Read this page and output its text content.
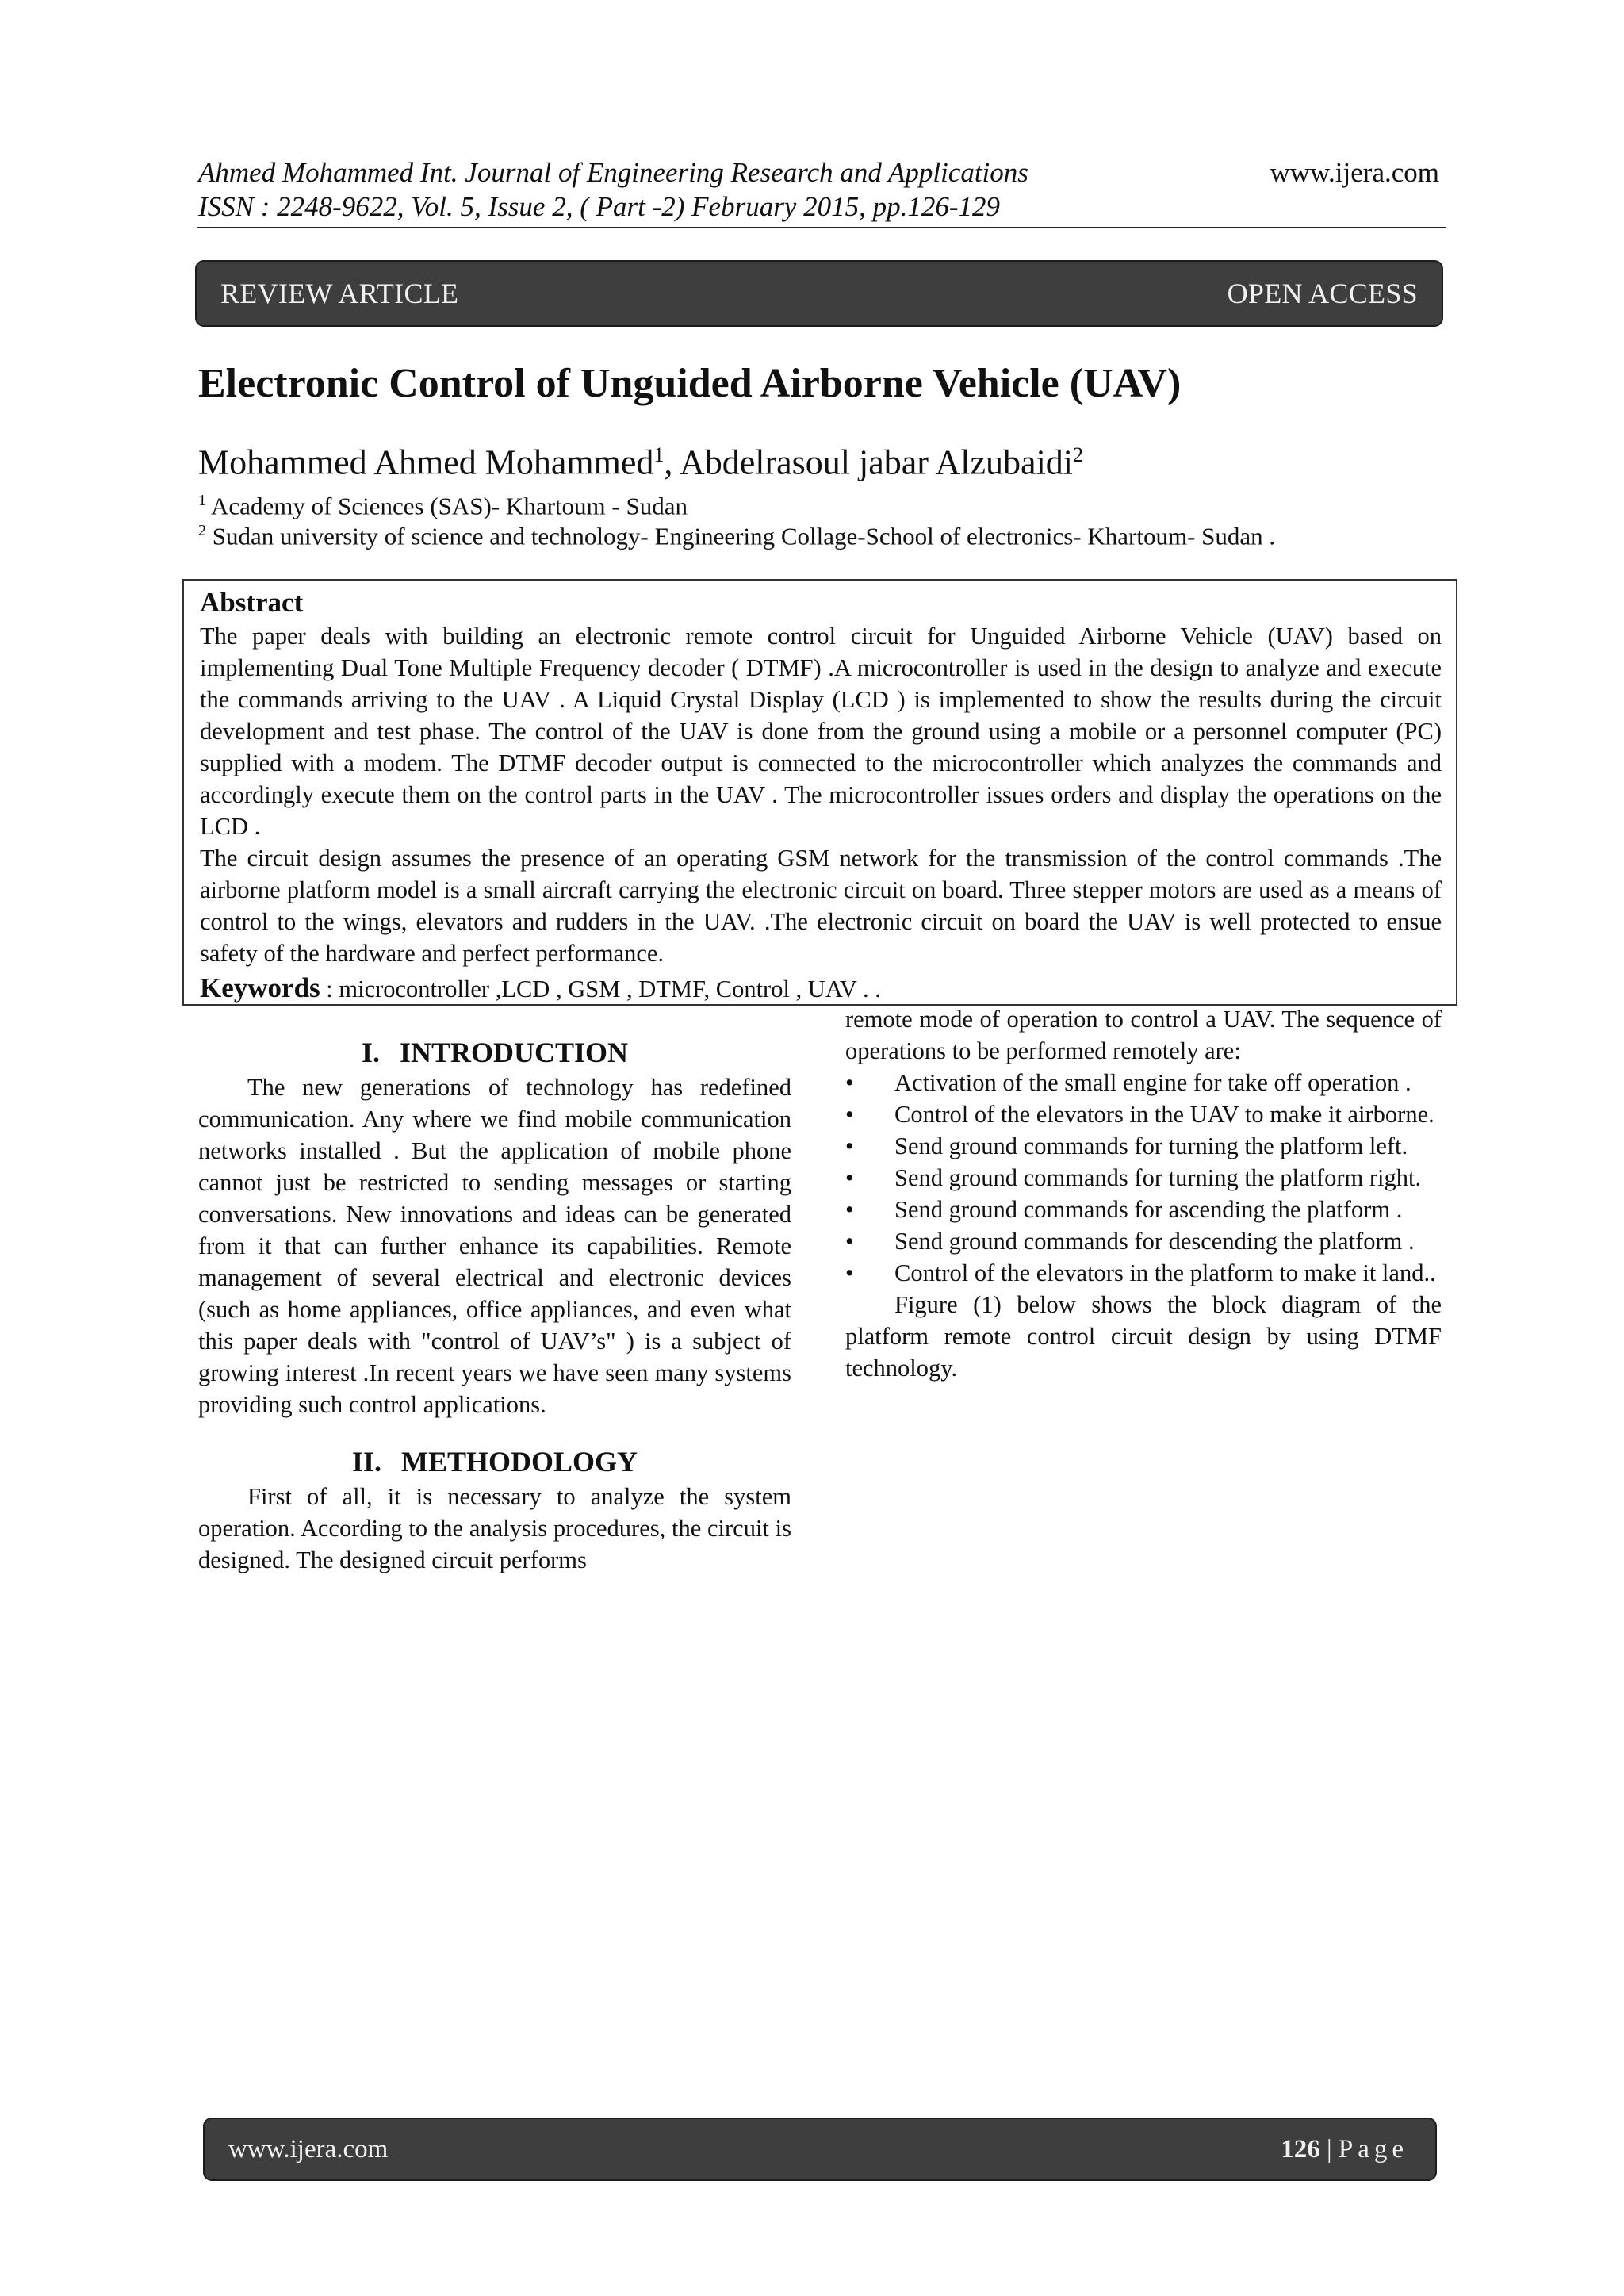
Ahmed Mohammed Int. Journal of Engineering Research and Applications
ISSN : 2248-9622, Vol. 5, Issue 2, ( Part -2) February 2015, pp.126-129
www.ijera.com
REVIEW ARTICLE	OPEN ACCESS
Electronic Control of Unguided Airborne Vehicle (UAV)
Mohammed Ahmed Mohammed$^1$, Abdelrasoul jabar Alzubaidi$^2$
$^1$ Academy of Sciences (SAS)- Khartoum - Sudan
$^2$ Sudan university of science and technology- Engineering Collage-School of electronics- Khartoum- Sudan .
Abstract

The paper deals with building an electronic remote control circuit for Unguided Airborne Vehicle (UAV) based on implementing Dual Tone Multiple Frequency decoder ( DTMF) .A microcontroller is used in the design to analyze and execute the commands arriving to the UAV . A Liquid Crystal Display (LCD ) is implemented to show the results during the circuit development and test phase. The control of the UAV is done from the ground using a mobile or a personnel computer (PC) supplied with a modem. The DTMF decoder output is connected to the microcontroller which analyzes the commands and accordingly execute them on the control parts in the UAV . The microcontroller issues orders and display the operations on the LCD .

The circuit design assumes the presence of an operating GSM network for the transmission of the control commands .The airborne platform model is a small aircraft carrying the electronic circuit on board. Three stepper motors are used as a means of control to the wings, elevators and rudders in the UAV. .The electronic circuit on board the UAV is well protected to ensue safety of the hardware and perfect performance.

Keywords : microcontroller ,LCD , GSM , DTMF, Control , UAV . .
I. INTRODUCTION

The new generations of technology has redefined communication. Any where we find mobile communication networks installed . But the application of mobile phone cannot just be restricted to sending messages or starting conversations. New innovations and ideas can be generated from it that can further enhance its capabilities. Remote management of several electrical and electronic devices (such as home appliances, office appliances, and even what this paper deals with "control of UAV’s" ) is a subject of growing interest .In recent years we have seen many systems providing such control applications.

II. METHODOLOGY

First of all, it is necessary to analyze the system operation. According to the analysis procedures, the circuit is designed. The designed circuit performs

remote mode of operation to control a UAV. The sequence of operations to be performed remotely are:

• Activation of the small engine for take off operation .
• Control of the elevators in the UAV to make it airborne.
• Send ground commands for turning the platform left.
• Send ground commands for turning the platform right.
• Send ground commands for ascending the platform .
• Send ground commands for descending the platform .
• Control of the elevators in the platform to make it land..

Figure (1) below shows the block diagram of the platform remote control circuit design by using DTMF technology.

www.ijera.com	126 | Page
